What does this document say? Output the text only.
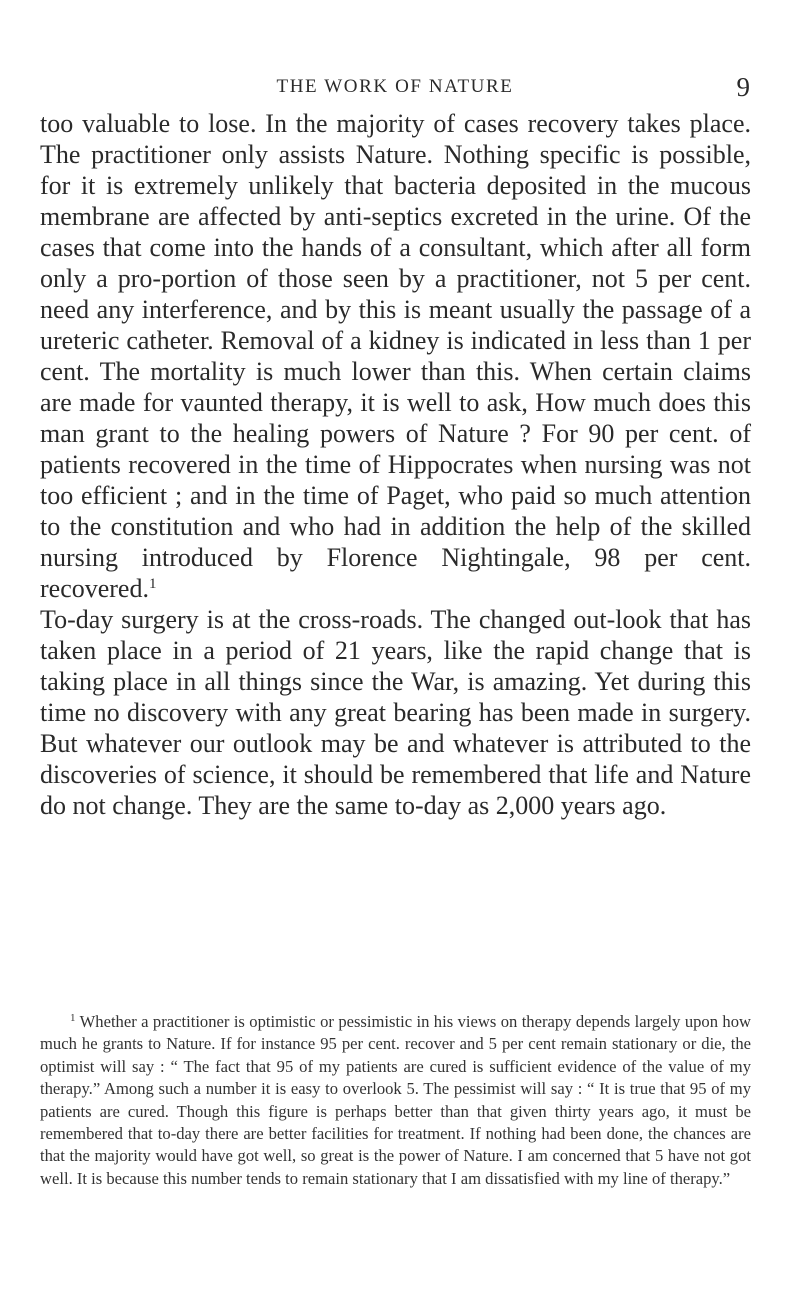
THE WORK OF NATURE	9

too valuable to lose. In the majority of cases recovery takes place. The practitioner only assists Nature. Nothing specific is possible, for it is extremely unlikely that bacteria deposited in the mucous membrane are affected by anti-septics excreted in the urine. Of the cases that come into the hands of a consultant, which after all form only a pro-portion of those seen by a practitioner, not 5 per cent. need any interference, and by this is meant usually the passage of a ureteric catheter. Removal of a kidney is indicated in less than 1 per cent. The mortality is much lower than this. When certain claims are made for vaunted therapy, it is well to ask, How much does this man grant to the healing powers of Nature ? For 90 per cent. of patients recovered in the time of Hippocrates when nursing was not too efficient ; and in the time of Paget, who paid so much attention to the constitution and who had in addition the help of the skilled nursing introduced by Florence Nightingale, 98 per cent. recovered.$^1$

To-day surgery is at the cross-roads. The changed out-look that has taken place in a period of 21 years, like the rapid change that is taking place in all things since the War, is amazing. Yet during this time no discovery with any great bearing has been made in surgery. But whatever our outlook may be and whatever is attributed to the discoveries of science, it should be remembered that life and Nature do not change. They are the same to-day as 2,000 years ago.

$^1$ Whether a practitioner is optimistic or pessimistic in his views on therapy depends largely upon how much he grants to Nature. If for instance 95 per cent. recover and 5 per cent remain stationary or die, the optimist will say : “ The fact that 95 of my patients are cured is sufficient evidence of the value of my therapy.” Among such a number it is easy to overlook 5. The pessimist will say : “ It is true that 95 of my patients are cured. Though this figure is perhaps better than that given thirty years ago, it must be remembered that to-day there are better facilities for treatment. If nothing had been done, the chances are that the majority would have got well, so great is the power of Nature. I am concerned that 5 have not got well. It is because this number tends to remain stationary that I am dissatisfied with my line of therapy.”
